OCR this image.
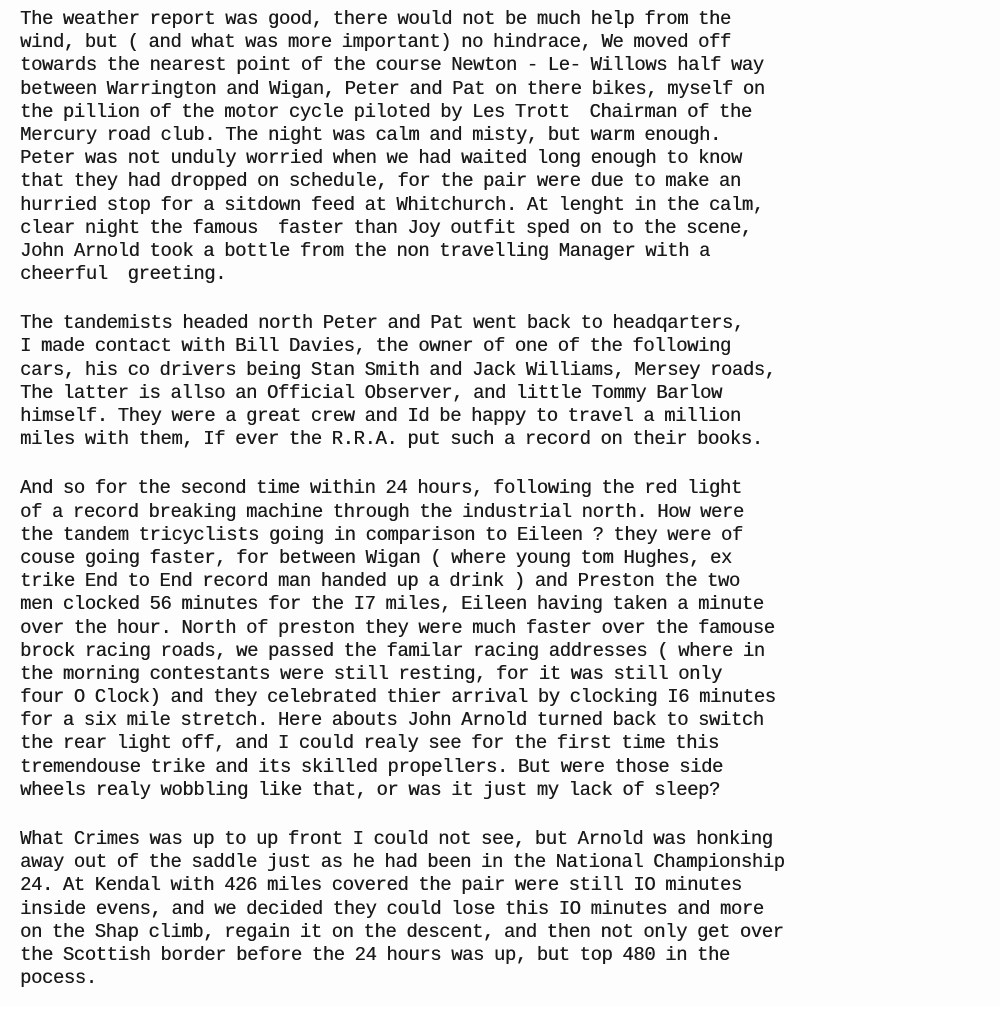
The weather report was good, there would not be much help from the
wind, but ( and what was more important) no hindrace, We moved off
towards the nearest point of the course Newton - Le- Willows half way
between Warrington and Wigan, Peter and Pat on there bikes, myself on
the pillion of the motor cycle piloted by Les Trott  Chairman of the
Mercury road club. The night was calm and misty, but warm enough.
Peter was not unduly worried when we had waited long enough to know
that they had dropped on schedule, for the pair were due to make an
hurried stop for a sitdown feed at Whitchurch. At lenght in the calm,
clear night the famous  faster than Joy outfit sped on to the scene,
John Arnold took a bottle from the non travelling Manager with a
cheerful  greeting.
The tandemists headed north Peter and Pat went back to headqarters,
I made contact with Bill Davies, the owner of one of the following
cars, his co drivers being Stan Smith and Jack Williams, Mersey roads,
The latter is allso an Official Observer, and little Tommy Barlow
himself. They were a great crew and Id be happy to travel a million
miles with them, If ever the R.R.A. put such a record on their books.
And so for the second time within 24 hours, following the red light
of a record breaking machine through the industrial north. How were
the tandem tricyclists going in comparison to Eileen ? they were of
couse going faster, for between Wigan ( where young tom Hughes, ex
trike End to End record man handed up a drink ) and Preston the two
men clocked 56 minutes for the I7 miles, Eileen having taken a minute
over the hour. North of preston they were much faster over the famouse
brock racing roads, we passed the familar racing addresses ( where in
the morning contestants were still resting, for it was still only
four O Clock) and they celebrated thier arrival by clocking I6 minutes
for a six mile stretch. Here abouts John Arnold turned back to switch
the rear light off, and I could realy see for the first time this
tremendouse trike and its skilled propellers. But were those side
wheels realy wobbling like that, or was it just my lack of sleep?
What Crimes was up to up front I could not see, but Arnold was honking
away out of the saddle just as he had been in the National Championship
24. At Kendal with 426 miles covered the pair were still IO minutes
inside evens, and we decided they could lose this IO minutes and more
on the Shap climb, regain it on the descent, and then not only get over
the Scottish border before the 24 hours was up, but top 480 in the
pocess.
